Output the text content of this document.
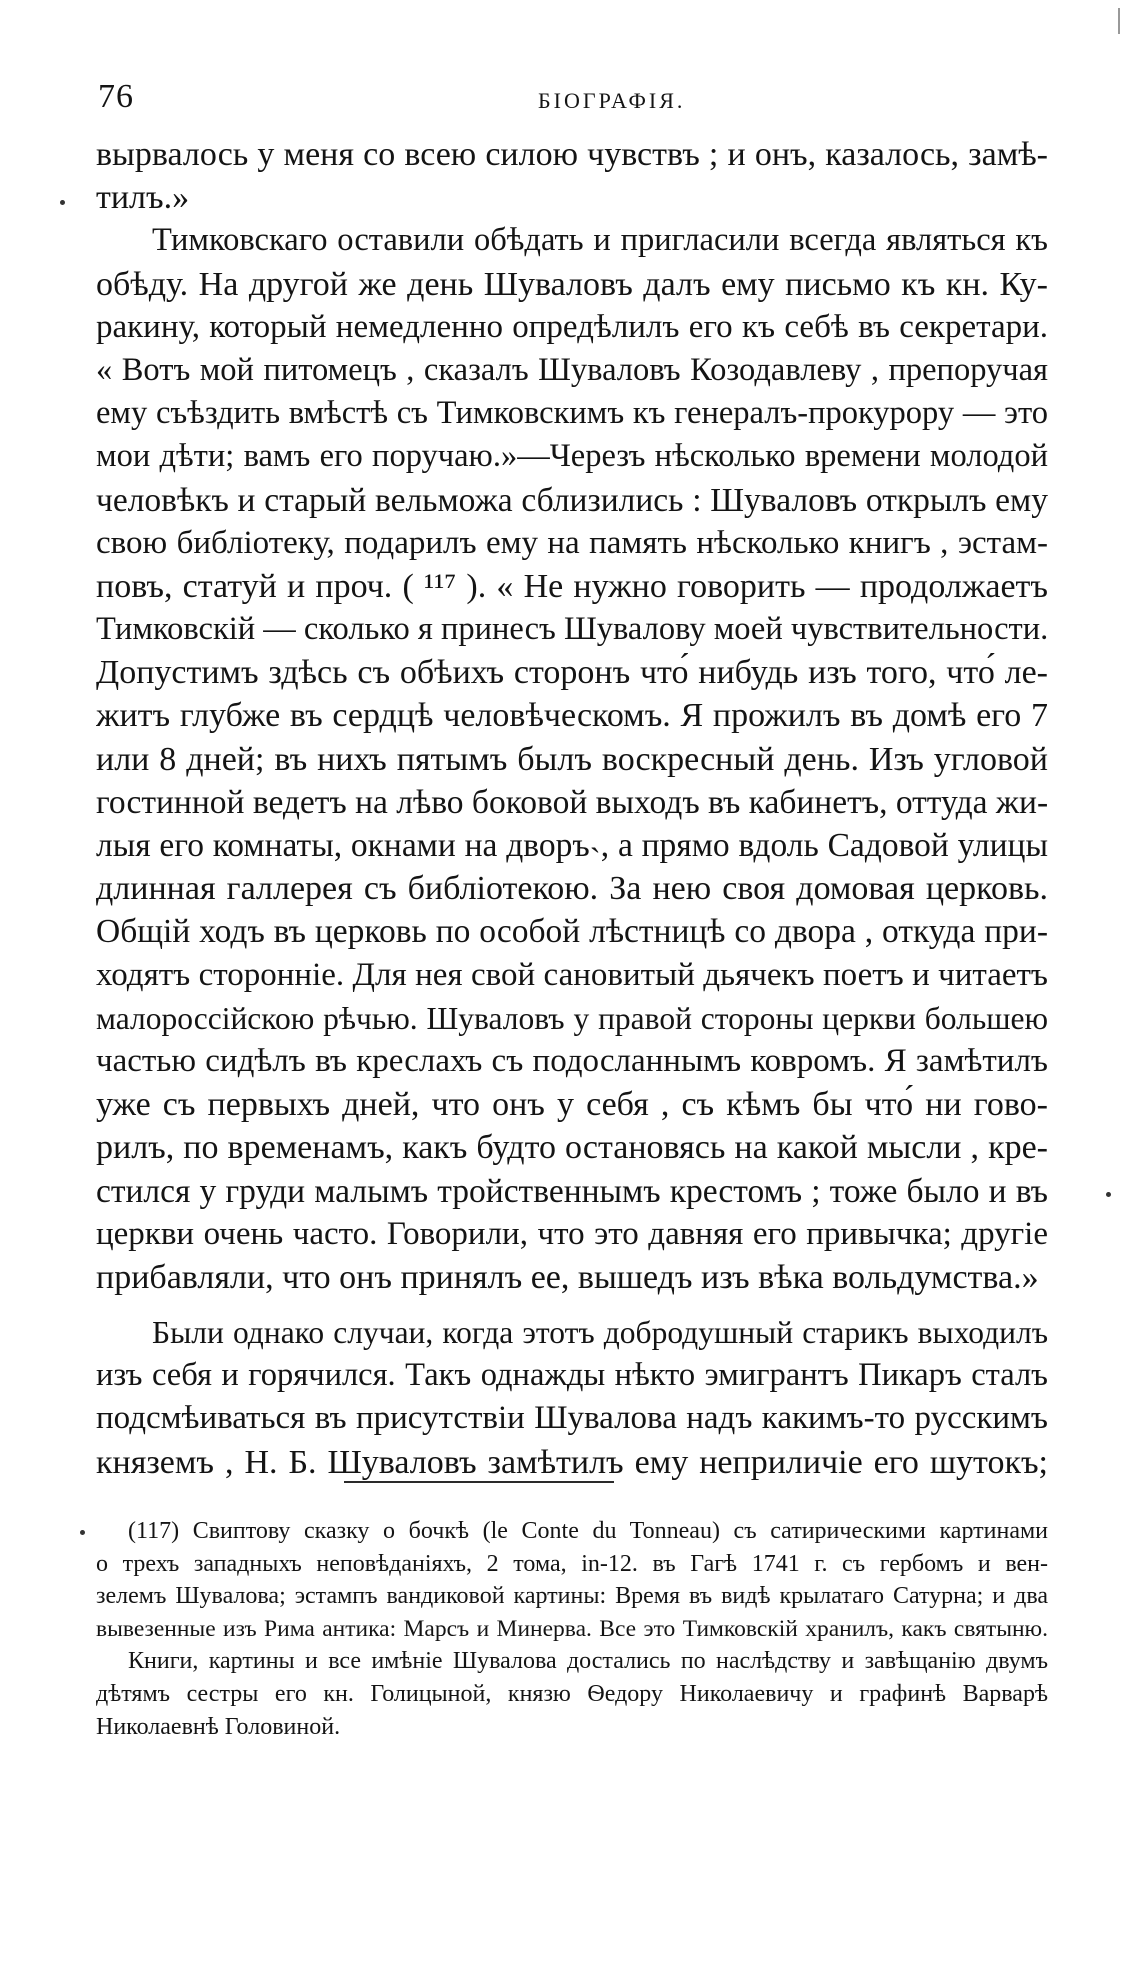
76	БІОГРАФІЯ.
вырвалось у меня со всею силою чувствъ ; и онъ, казалось, замѣ-
тилъ.»
Тимковскаго оставили обѣдать и пригласили всегда являться къ
обѣду. На другой же день Шуваловъ далъ ему письмо къ кн. Ку-
ракину, который немедленно опредѣлилъ его къ себѣ въ секретари.
« Вотъ мой питомецъ , сказалъ Шуваловъ Козодавлеву , препоручая
ему съѣздить вмѣстѣ съ Тимковскимъ къ генералъ-прокурору — это
мои дѣти; вамъ его поручаю.»—Черезъ нѣсколько времени молодой
человѣкъ и старый вельможа сблизились : Шуваловъ открылъ ему
свою библіотеку, подарилъ ему на память нѣсколько книгъ , эстам-
повъ, статуй и проч. ( ¹¹⁷ ). « Не нужно говорить — продолжаетъ
Тимковскій — сколько я принесъ Шувалову моей чувствительности.
Допустимъ здѣсь съ обѣихъ сторонъ что́ нибудь изъ того, что́ ле-
житъ глубже въ сердцѣ человѣческомъ. Я прожилъ въ домѣ его 7
или 8 дней; въ нихъ пятымъ былъ воскресный день. Изъ угловой
гостинной ведетъ на лѣво боковой выходъ въ кабинетъ, оттуда жи-
лыя его комнаты, окнами на дворъ˴, а прямо вдоль Садовой улицы
длинная галлерея съ библіотекою. За нею своя домовая церковь.
Общій ходъ въ церковь по особой лѣстницѣ со двора , откуда при-
ходятъ сторонніе. Для нея свой сановитый дьячекъ поетъ и читаетъ
малороссійскою рѣчью. Шуваловъ у правой стороны церкви большею
частью сидѣлъ въ креслахъ съ подосланнымъ ковромъ. Я замѣтилъ
уже съ первыхъ дней, что онъ у себя , съ кѣмъ бы что́ ни гово-
рилъ, по временамъ, какъ будто остановясь на какой мысли , кре-
стился у груди малымъ тройственнымъ крестомъ ; тоже было и въ
церкви очень часто. Говорили, что это давняя его привычка; другіе
прибавляли, что онъ принялъ ее, вышедъ изъ вѣка вольдумства.»
Были однако случаи, когда этотъ добродушный старикъ выходилъ
изъ себя и горячился. Такъ однажды нѣкто эмигрантъ Пикаръ сталъ
подсмѣиваться въ присутствіи Шувалова надъ какимъ-то русскимъ
княземъ , Н. Б. Шуваловъ замѣтилъ ему неприличіе его шутокъ;
(117) Свиптову сказку о бочкѣ (le Conte du Tonneau) съ сатирическими картинами
о трехъ западныхъ неповѣданіяхъ, 2 тома, in-12. въ Гагѣ 1741 г. съ гербомъ и вен-
зелемъ Шувалова; эстампъ вандиковой картины: Время въ видѣ крылатаго Сатурна; и два
вывезенные изъ Рима антика: Марсъ и Минерва. Все это Тимковскій хранилъ, какъ святыню.
Книги, картины и все имѣніе Шувалова достались по наслѣдству и завѣщанію двумъ
дѣтямъ сестры его кн. Голицыной, князю Ѳедору Николаевичу и графинѣ Варварѣ
Николаевнѣ Головиной.
